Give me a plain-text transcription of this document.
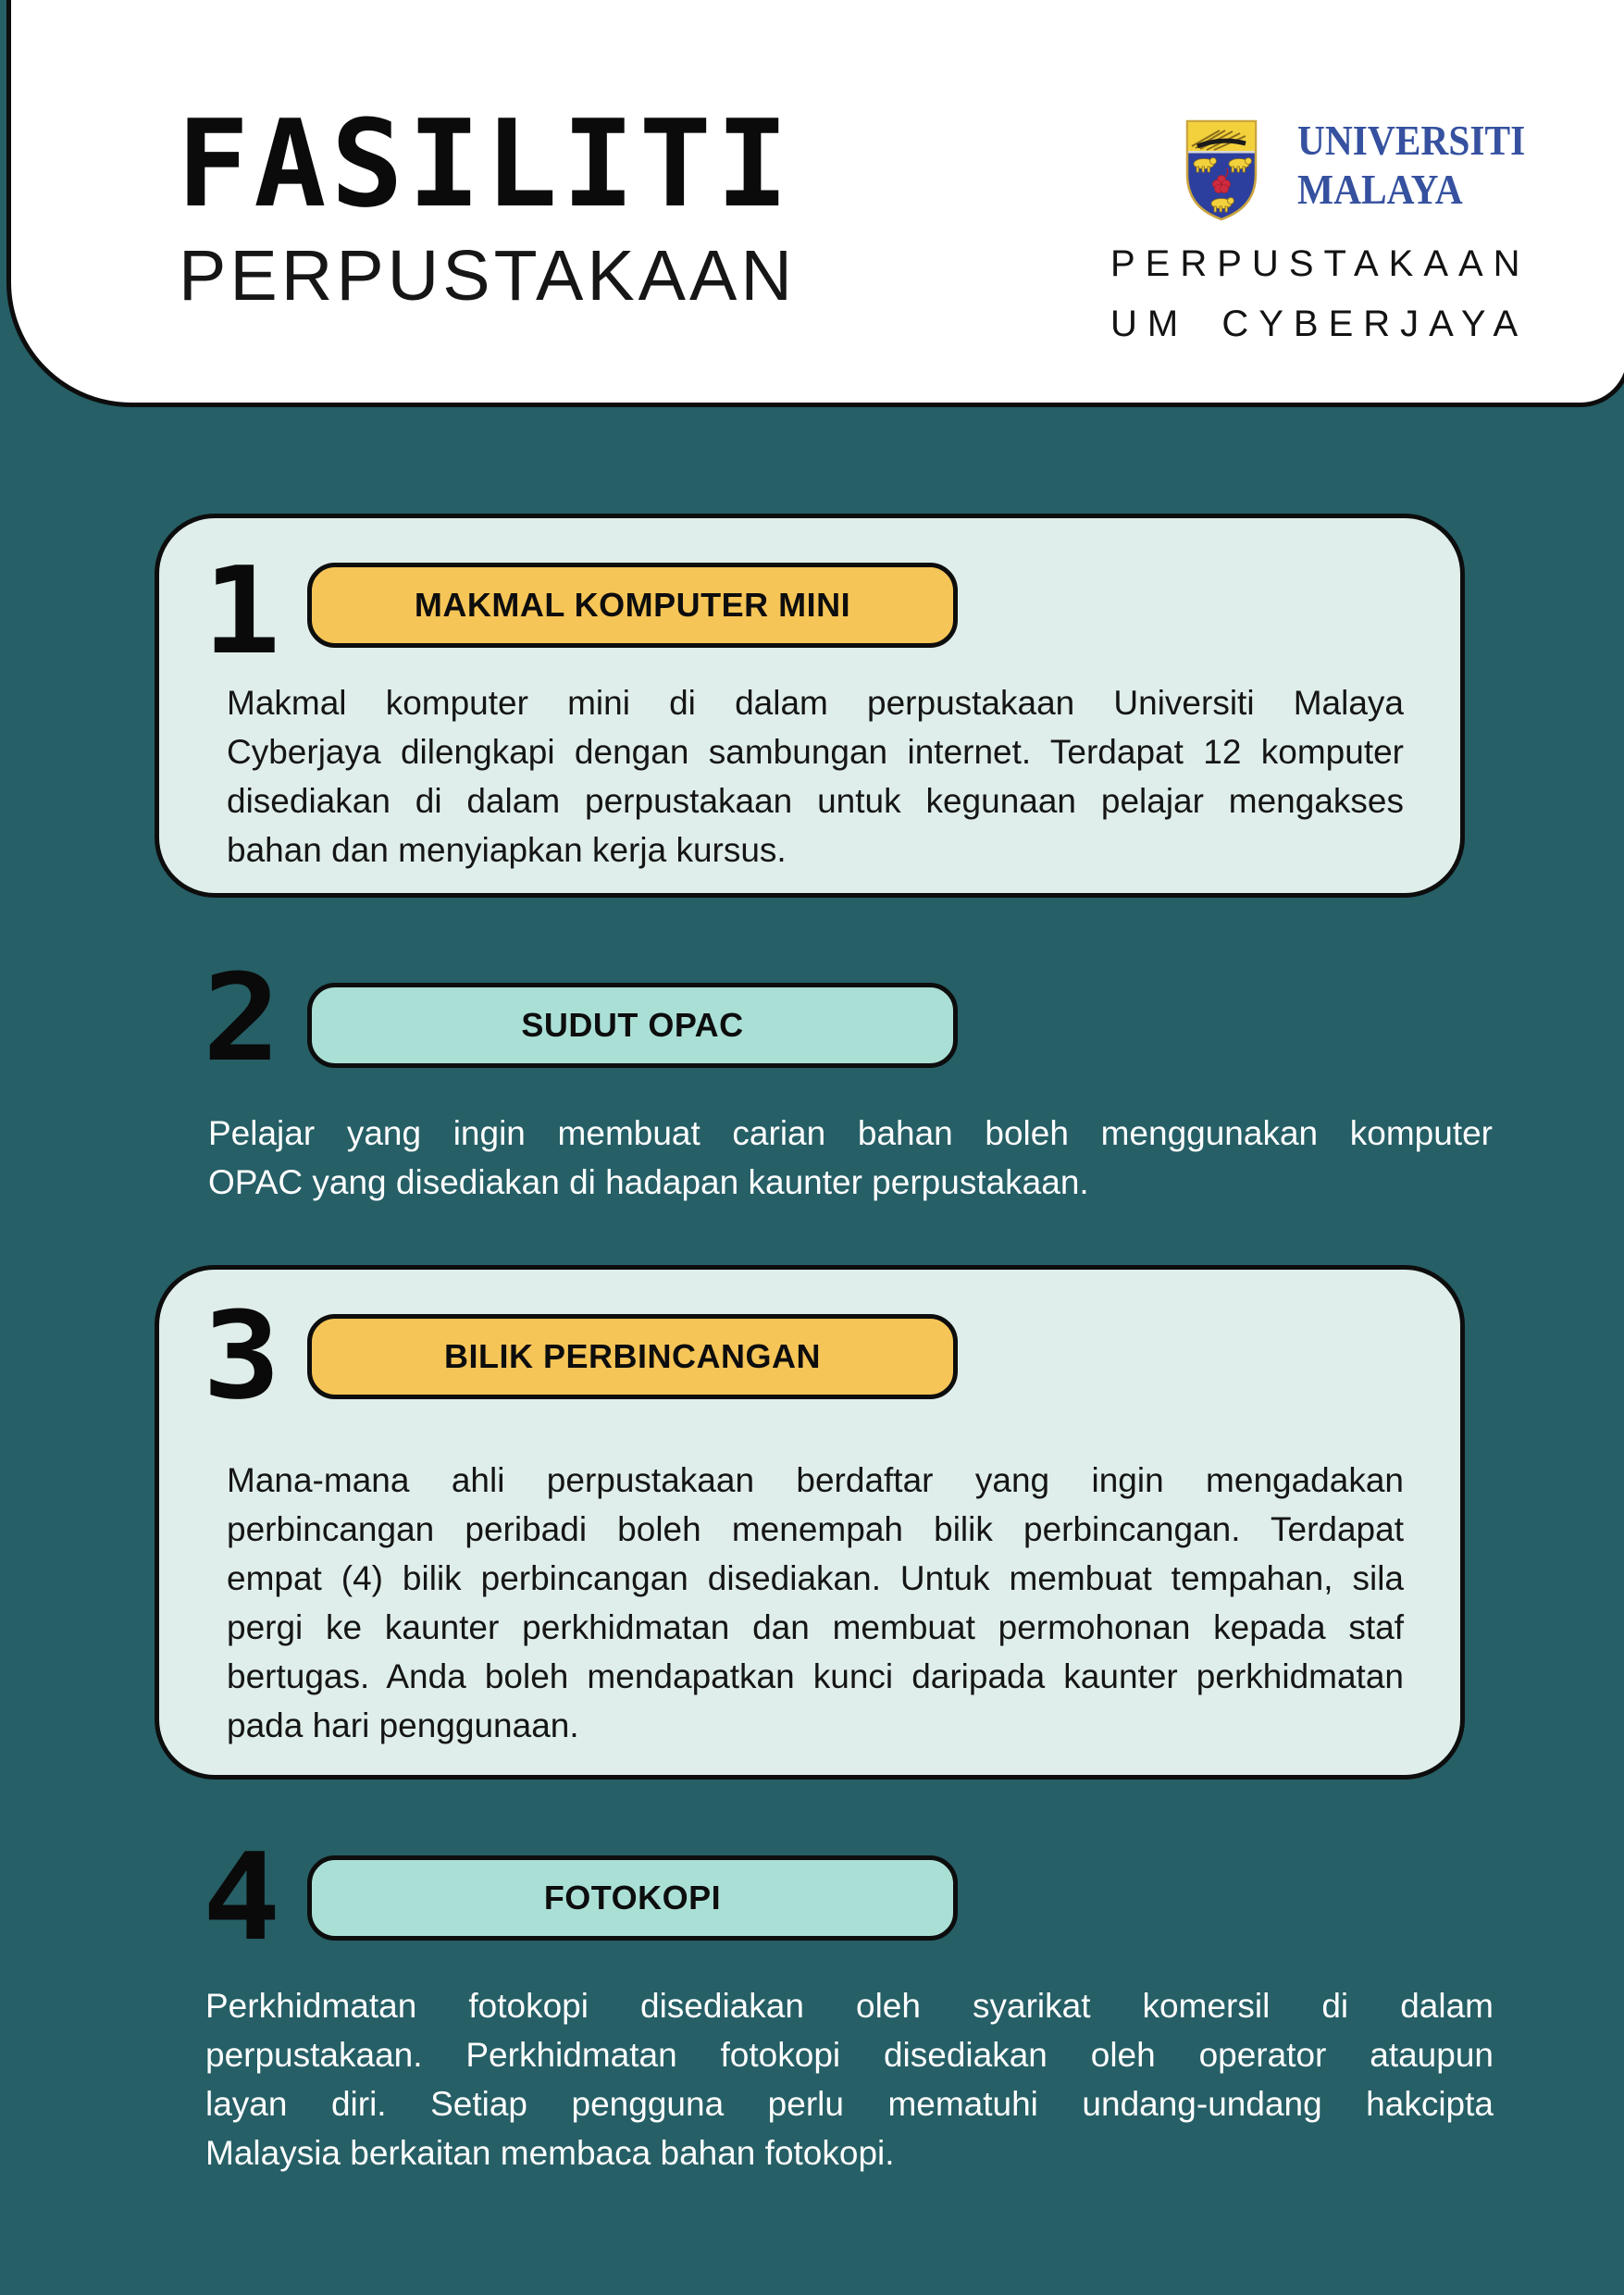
FASILITI
PERPUSTAKAAN
UNIVERSITI
MALAYA
PERPUSTAKAAN
UM CYBERJAYA
1	MAKMAL KOMPUTER MINI
Makmal komputer mini di dalam perpustakaan Universiti Malaya
Cyberjaya dilengkapi dengan sambungan internet. Terdapat 12 komputer
disediakan di dalam perpustakaan untuk kegunaan pelajar mengakses
bahan dan menyiapkan kerja kursus.
2	SUDUT OPAC
Pelajar yang ingin membuat carian bahan boleh menggunakan komputer
OPAC yang disediakan di hadapan kaunter perpustakaan.
3	BILIK PERBINCANGAN
Mana-mana ahli perpustakaan berdaftar yang ingin mengadakan
perbincangan peribadi boleh menempah bilik perbincangan. Terdapat
empat (4) bilik perbincangan disediakan. Untuk membuat tempahan, sila
pergi ke kaunter perkhidmatan dan membuat permohonan kepada staf
bertugas. Anda boleh mendapatkan kunci daripada kaunter perkhidmatan
pada hari penggunaan.
4	FOTOKOPI
Perkhidmatan fotokopi disediakan oleh syarikat komersil di dalam
perpustakaan. Perkhidmatan fotokopi disediakan oleh operator ataupun
layan diri. Setiap pengguna perlu mematuhi undang-undang hakcipta
Malaysia berkaitan membaca bahan fotokopi.
